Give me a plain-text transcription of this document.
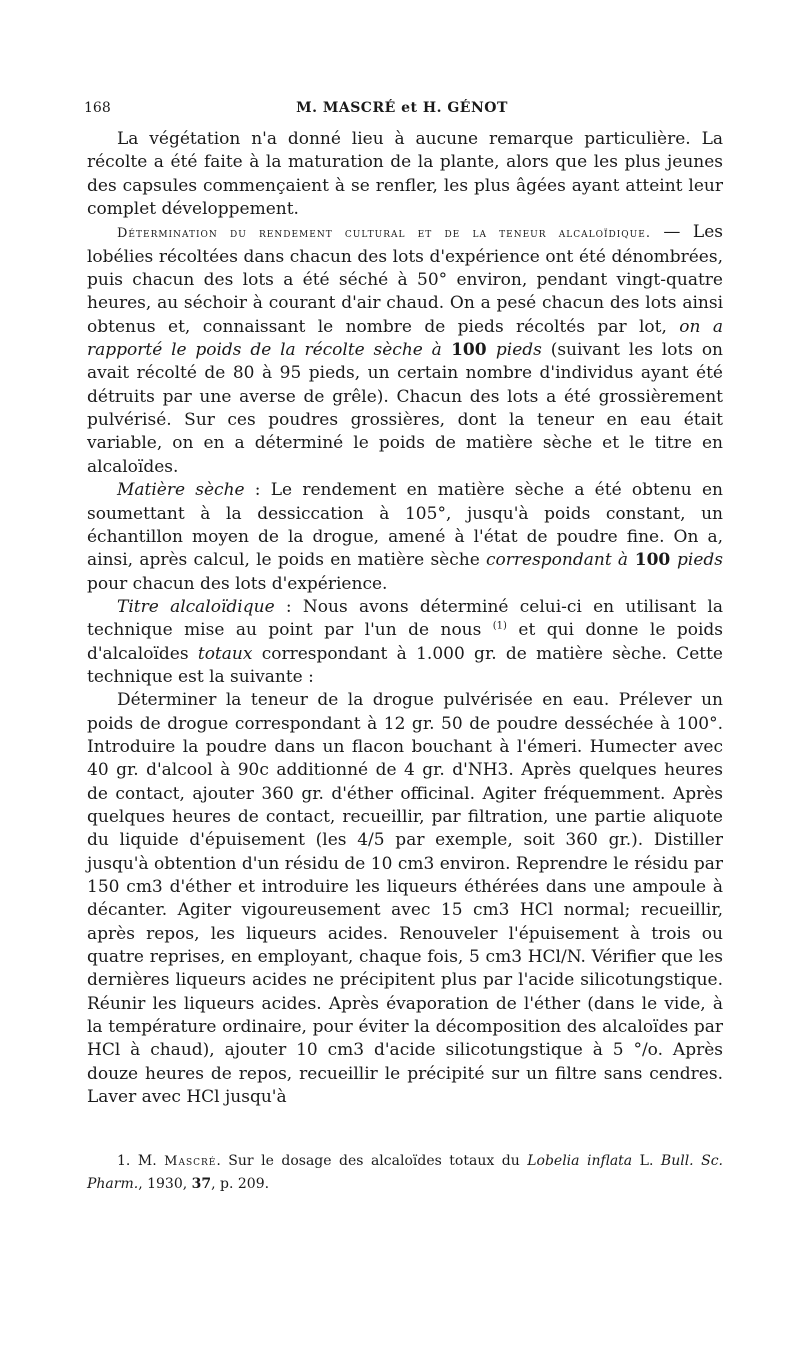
168	M. MASCRÉ et H. GÉNOT

La végétation n'a donné lieu à aucune remarque particulière. La récolte a été faite à la maturation de la plante, alors que les plus jeunes des capsules commençaient à se renfler, les plus âgées ayant atteint leur complet développement.

Détermination du rendement cultural et de la teneur alcaloïdique. — Les lobélies récoltées dans chacun des lots d'expérience ont été dénombrées, puis chacun des lots a été séché à 50° environ, pendant vingt-quatre heures, au séchoir à courant d'air chaud. On a pesé chacun des lots ainsi obtenus et, connaissant le nombre de pieds récoltés par lot, on a rapporté le poids de la récolte sèche à 100 pieds (suivant les lots on avait récolté de 80 à 95 pieds, un certain nombre d'individus ayant été détruits par une averse de grêle). Chacun des lots a été grossièrement pulvérisé. Sur ces poudres grossières, dont la teneur en eau était variable, on en a déterminé le poids de matière sèche et le titre en alcaloïdes.

Matière sèche : Le rendement en matière sèche a été obtenu en soumettant à la dessiccation à 105°, jusqu'à poids constant, un échantillon moyen de la drogue, amené à l'état de poudre fine. On a, ainsi, après calcul, le poids en matière sèche correspondant à 100 pieds pour chacun des lots d'expérience.

Titre alcaloïdique : Nous avons déterminé celui-ci en utilisant la technique mise au point par l'un de nous $^{(1)}$ et qui donne le poids d'alcaloïdes totaux correspondant à 1.000 gr. de matière sèche. Cette technique est la suivante :

Déterminer la teneur de la drogue pulvérisée en eau. Prélever un poids de drogue correspondant à 12 gr. 50 de poudre desséchée à 100°. Introduire la poudre dans un flacon bouchant à l'émeri. Humecter avec 40 gr. d'alcool à 90c additionné de 4 gr. d'NH3. Après quelques heures de contact, ajouter 360 gr. d'éther officinal. Agiter fréquemment. Après quelques heures de contact, recueillir, par filtration, une partie aliquote du liquide d'épuisement (les 4/5 par exemple, soit 360 gr.). Distiller jusqu'à obtention d'un résidu de 10 cm3 environ. Reprendre le résidu par 150 cm3 d'éther et introduire les liqueurs éthérées dans une ampoule à décanter. Agiter vigoureusement avec 15 cm3 HCl normal; recueillir, après repos, les liqueurs acides. Renouveler l'épuisement à trois ou quatre reprises, en employant, chaque fois, 5 cm3 HCl/N. Vérifier que les dernières liqueurs acides ne précipitent plus par l'acide silicotungstique. Réunir les liqueurs acides. Après évaporation de l'éther (dans le vide, à la température ordinaire, pour éviter la décomposition des alcaloïdes par HCl à chaud), ajouter 10 cm3 d'acide silicotungstique à 5 °/o. Après douze heures de repos, recueillir le précipité sur un filtre sans cendres. Laver avec HCl jusqu'à

1. M. Mascré. Sur le dosage des alcaloïdes totaux du Lobelia inflata L. Bull. Sc. Pharm., 1930, 37, p. 209.
